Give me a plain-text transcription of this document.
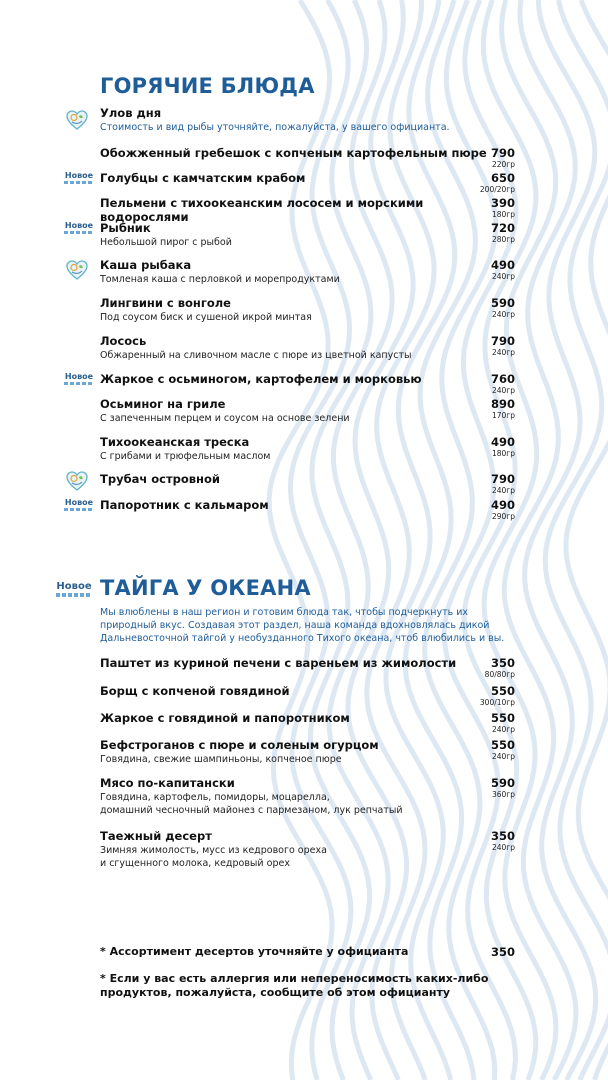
ГОРЯЧИЕ БЛЮДА
Улов дня
Стоимость и вид рыбы уточняйте, пожалуйста, у вашего официанта.
Обожженный гребешок с копченым картофельным пюре 790
220гр
Новое Голубцы с камчатским крабом	650
200/20гр
Пельмени с тихоокеанским лососем и морскими водорослями
390
180гр
Новое Рыбник
Небольшой пирог с рыбой
720
280гр
Каша рыбака
Томленая каша с перловкой и морепродуктами
490
240гр
Лингвини с вонголе
Под соусом биск и сушеной икрой минтая
590
240гр
Лосось
Обжаренный на сливочном масле с пюре из цветной капусты
790
240гр
Новое Жаркое с осьминогом, картофелем и морковью	760
240гр
Осьминог на гриле
С запеченным перцем и соусом на основе зелени
890
170гр
Тихоокеанская треска
С грибами и трюфельным маслом
490
180гр
Трубач островной	790
240гр
Новое Папоротник с кальмаром	490
290гр
Новое ТАЙГА У ОКЕАНА
Мы влюблены в наш регион и готовим блюда так, чтобы подчеркнуть их
природный вкус. Создавая этот раздел, наша команда вдохновлялась дикой
Дальневосточной тайгой у необузданного Тихого океана, чтоб влюбились и вы.
Паштет из куриной печени с вареньем из жимолости	350
80/80гр
Борщ с копченой говядиной	550
300/10гр
Жаркое с говядиной и папоротником	550
240гр
Бефстроганов с пюре и соленым огурцом
Говядина, свежие шампиньоны, копченое пюре
550
240гр
Мясо по-капитански
Говядина, картофель, помидоры, моцарелла,
домашний чесночный майонез с пармезаном, лук репчатый
590
360гр
Таежный десерт
Зимняя жимолость, мусс из кедрового ореха
и сгущенного молока, кедровый орех
350
240гр
* Ассортимент десертов уточняйте у официанта	350
* Если у вас есть аллергия или непереносимость каких-либо
продуктов, пожалуйста, сообщите об этом официанту
